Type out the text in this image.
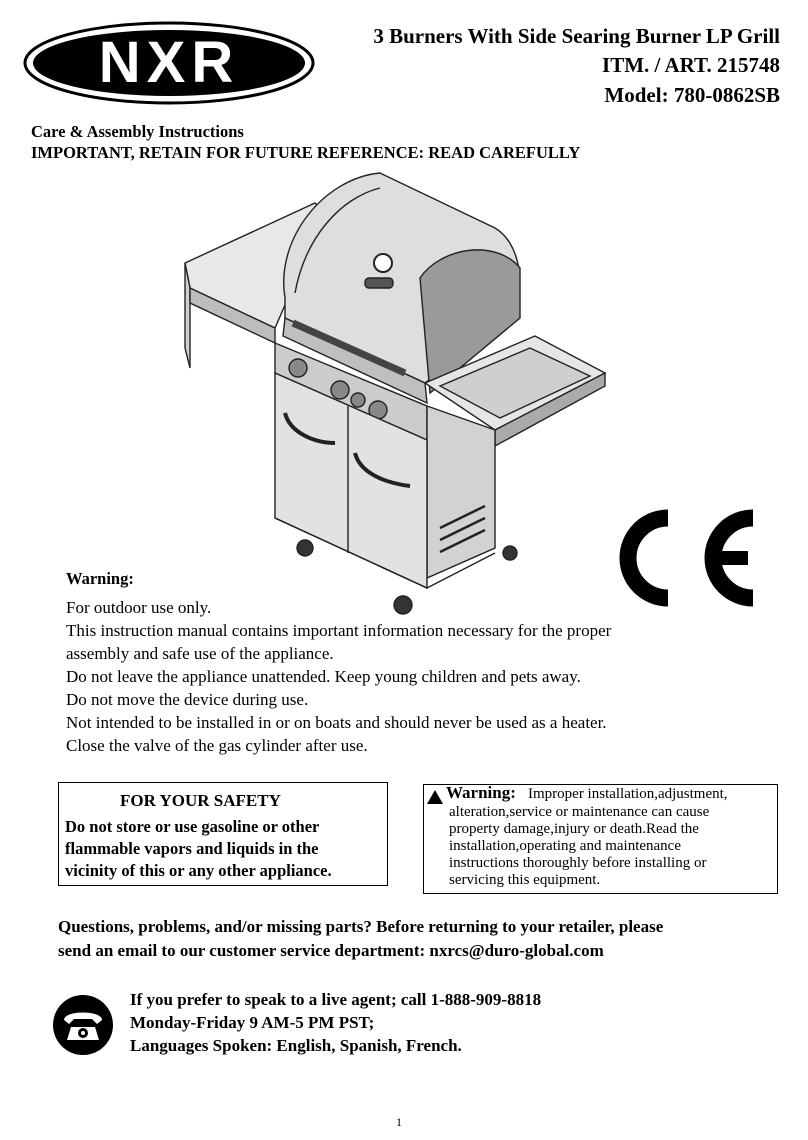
NXR	3 Burners With Side Searing Burner LP Grill
ITM. / ART. 215748
Model: 780-0862SB
Care & Assembly Instructions
IMPORTANT, RETAIN FOR FUTURE REFERENCE: READ CAREFULLY
CE
Warning:
For outdoor use only.
This instruction manual contains important information necessary for the proper
assembly and safe use of the appliance.
Do not leave the appliance unattended. Keep young children and pets away.
Do not move the device during use.
Not intended to be installed in or on boats and should never be used as a heater.
Close the valve of the gas cylinder after use.
FOR YOUR SAFETY
Do not store or use gasoline or other
flammable vapors and liquids in the
vicinity of this or any other appliance.
Warning: Improper installation,adjustment,
alteration,service or maintenance can cause
property damage,injury or death.Read the
installation,operating and maintenance
instructions thoroughly before installing or
servicing this equipment.
Questions, problems, and/or missing parts? Before returning to your retailer, please
send an email to our customer service department: nxrcs@duro-global.com
If you prefer to speak to a live agent; call 1-888-909-8818
Monday-Friday 9 AM-5 PM PST;
Languages Spoken: English, Spanish, French.
1
